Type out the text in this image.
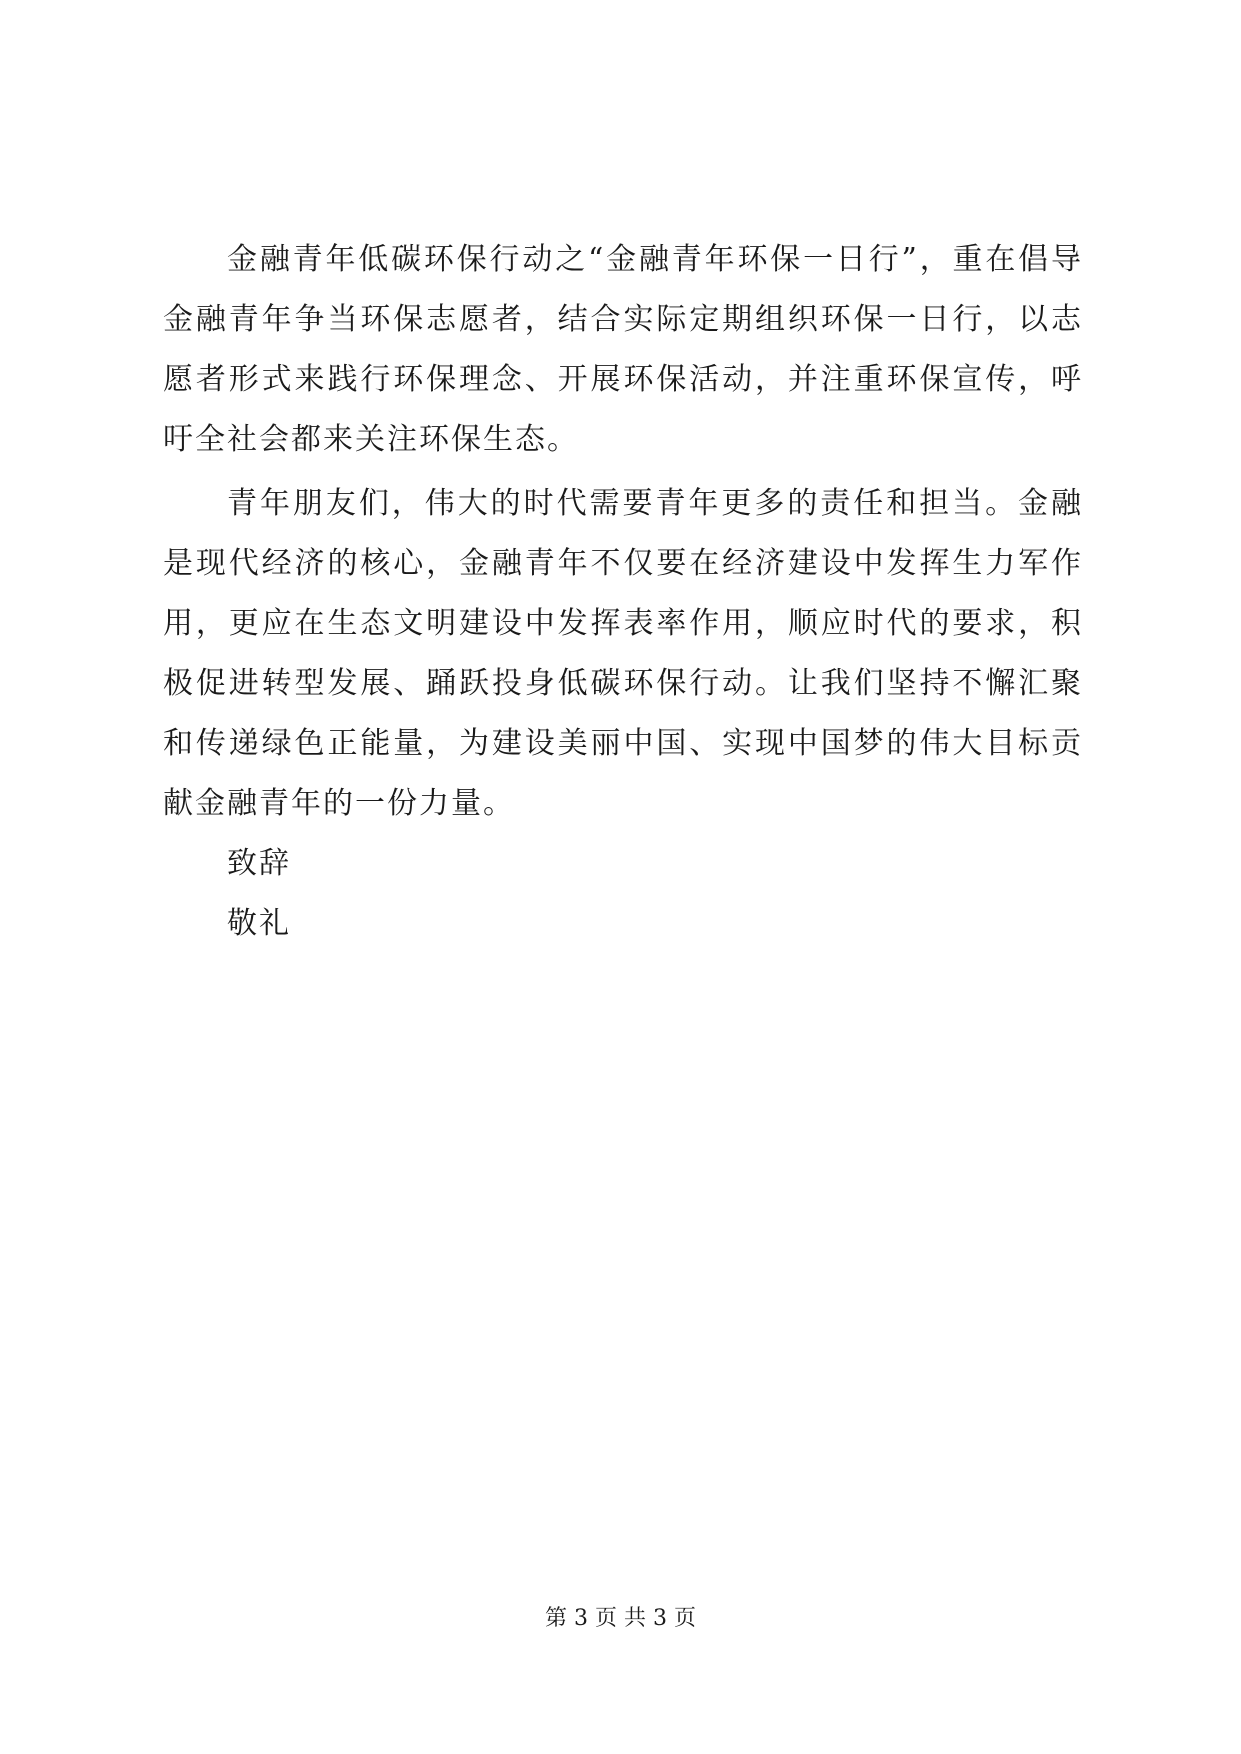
金融青年低碳环保行动之“金融青年环保一日行”，重在倡导金融青年争当环保志愿者，结合实际定期组织环保一日行，以志愿者形式来践行环保理念、开展环保活动，并注重环保宣传，呼吁全社会都来关注环保生态。

青年朋友们，伟大的时代需要青年更多的责任和担当。金融是现代经济的核心，金融青年不仅要在经济建设中发挥生力军作用，更应在生态文明建设中发挥表率作用，顺应时代的要求，积极促进转型发展、踊跃投身低碳环保行动。让我们坚持不懈汇聚和传递绿色正能量，为建设美丽中国、实现中国梦的伟大目标贡献金融青年的一份力量。

致辞

敬礼

第 3 页 共 3 页
